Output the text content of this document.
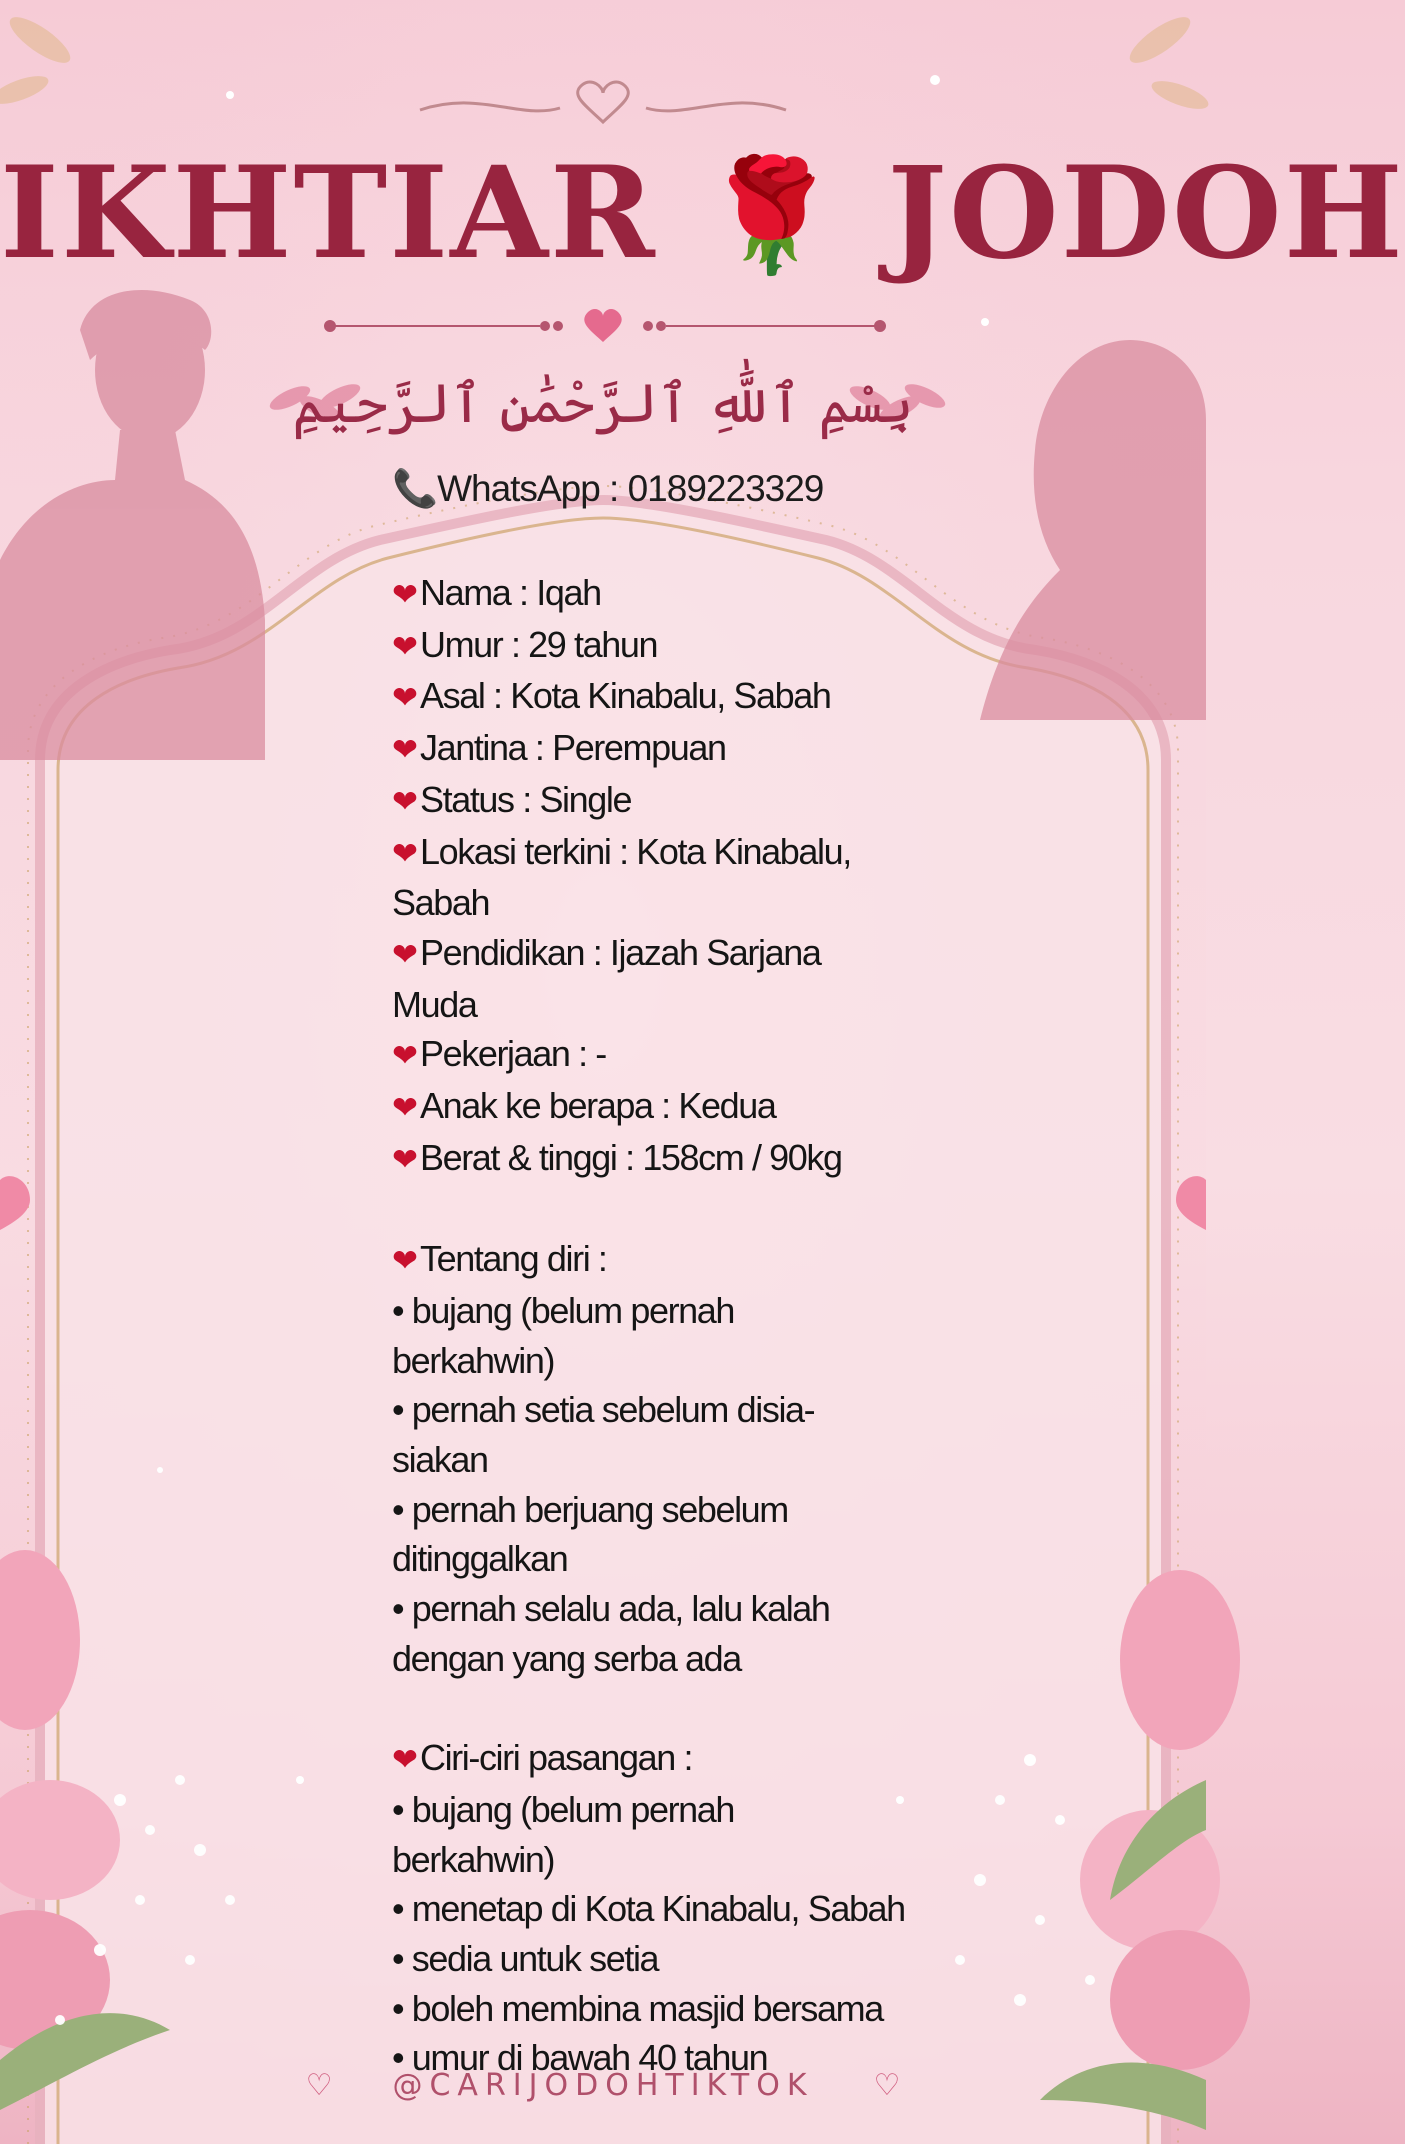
IKHTIAR 🌹 JODOH
بِسْمِ ٱللَّٰهِ ٱلرَّحْمَٰنِ ٱلرَّحِيمِ
📞WhatsApp : 0189223329
❤Nama : Iqah
❤Umur : 29 tahun
❤Asal : Kota Kinabalu, Sabah
❤Jantina : Perempuan
❤Status : Single
❤Lokasi terkini : Kota Kinabalu,
Sabah
❤Pendidikan : Ijazah Sarjana
Muda
❤Pekerjaan : -
❤Anak ke berapa : Kedua
❤Berat & tinggi : 158cm / 90kg
❤Tentang diri :
• bujang (belum pernah
berkahwin)
• pernah setia sebelum disia-
siakan
• pernah berjuang sebelum
ditinggalkan
• pernah selalu ada, lalu kalah
dengan yang serba ada
❤Ciri-ciri pasangan :
• bujang (belum pernah
berkahwin)
• menetap di Kota Kinabalu, Sabah
• sedia untuk setia
• boleh membina masjid bersama
• umur di bawah 40 tahun
♡ @CARIJODOHTIKTOK ♡
